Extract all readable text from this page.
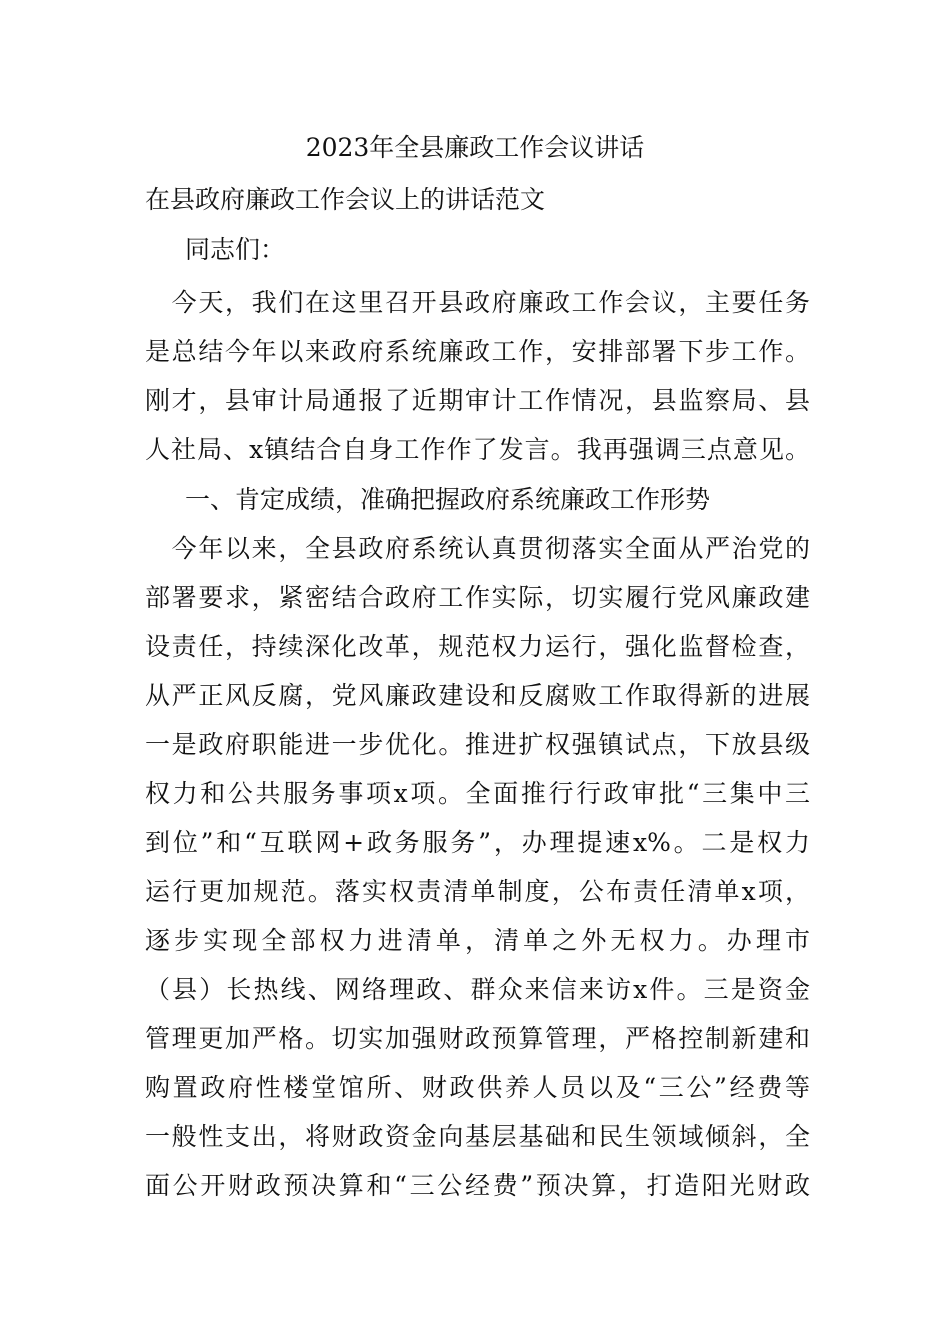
2023年全县廉政工作会议讲话
在县政府廉政工作会议上的讲话范文
同志们：
　今天，我们在这里召开县政府廉政工作会议，主要任务
是总结今年以来政府系统廉政工作，安排部署下步工作。
刚才，县审计局通报了近期审计工作情况，县监察局、县
人社局、x镇结合自身工作作了发言。我再强调三点意见。
一、肯定成绩，准确把握政府系统廉政工作形势
　今年以来，全县政府系统认真贯彻落实全面从严治党的
部署要求，紧密结合政府工作实际，切实履行党风廉政建
设责任，持续深化改革，规范权力运行，强化监督检查，
从严正风反腐，党风廉政建设和反腐败工作取得新的进展
一是政府职能进一步优化。推进扩权强镇试点，下放县级
权力和公共服务事项x项。全面推行行政审批“三集中三
到位”和“互联网+政务服务”，办理提速x%。二是权力
运行更加规范。落实权责清单制度，公布责任清单x项，
逐步实现全部权力进清单，清单之外无权力。办理市
（县）长热线、网络理政、群众来信来访x件。三是资金
管理更加严格。切实加强财政预算管理，严格控制新建和
购置政府性楼堂馆所、财政供养人员以及“三公”经费等
一般性支出，将财政资金向基层基础和民生领域倾斜，全
面公开财政预决算和“三公经费”预决算，打造阳光财政
